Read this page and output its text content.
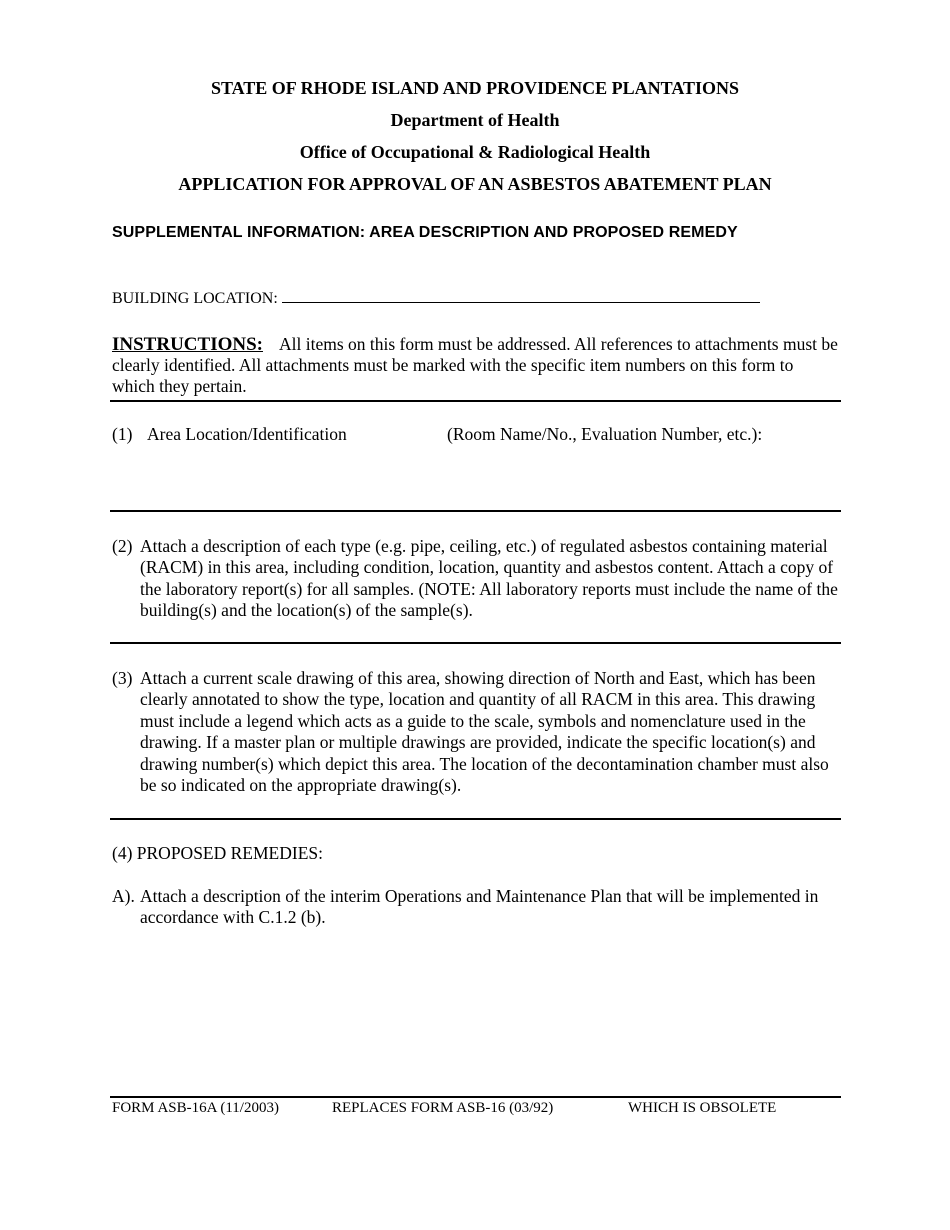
STATE OF RHODE ISLAND AND PROVIDENCE PLANTATIONS
Department of Health
Office of Occupational & Radiological Health
APPLICATION FOR APPROVAL OF AN ASBESTOS ABATEMENT PLAN
SUPPLEMENTAL INFORMATION: AREA DESCRIPTION AND PROPOSED REMEDY
BUILDING LOCATION:
INSTRUCTIONS: All items on this form must be addressed. All references to attachments must be clearly identified. All attachments must be marked with the specific item numbers on this form to which they pertain.
(1) Area Location/Identification	(Room Name/No., Evaluation Number, etc.):
(2) Attach a description of each type (e.g. pipe, ceiling, etc.) of regulated asbestos containing material (RACM) in this area, including condition, location, quantity and asbestos content. Attach a copy of the laboratory report(s) for all samples. (NOTE: All laboratory reports must include the name of the building(s) and the location(s) of the sample(s).
(3) Attach a current scale drawing of this area, showing direction of North and East, which has been clearly annotated to show the type, location and quantity of all RACM in this area. This drawing must include a legend which acts as a guide to the scale, symbols and nomenclature used in the drawing. If a master plan or multiple drawings are provided, indicate the specific location(s) and drawing number(s) which depict this area. The location of the decontamination chamber must also be so indicated on the appropriate drawing(s).
(4) PROPOSED REMEDIES:
A). Attach a description of the interim Operations and Maintenance Plan that will be implemented in accordance with C.1.2 (b).
FORM ASB-16A (11/2003)	REPLACES FORM ASB-16 (03/92)	WHICH IS OBSOLETE
